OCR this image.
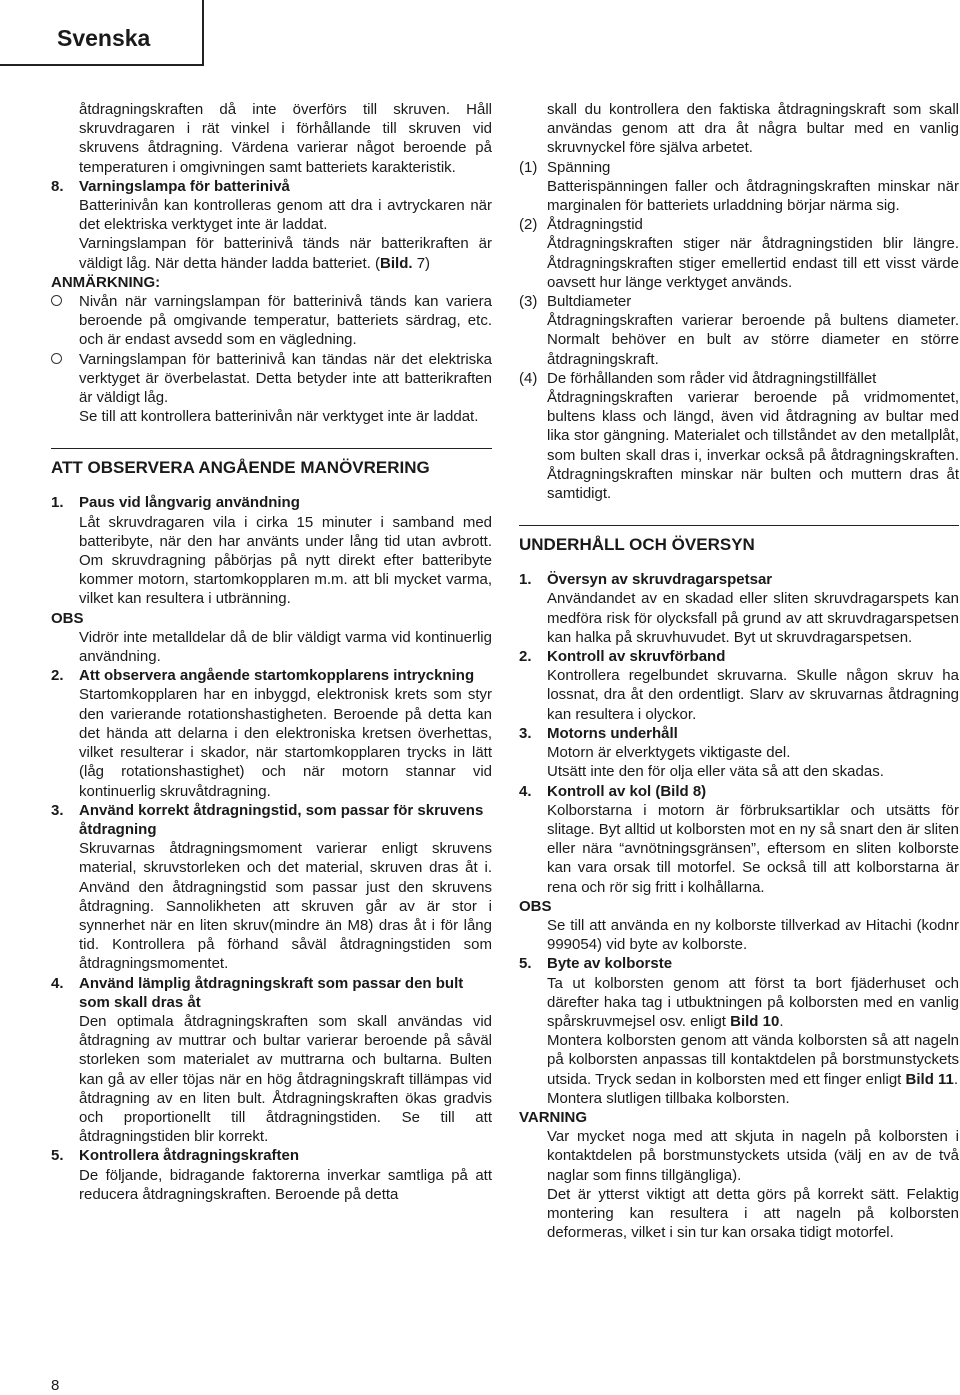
Svenska

åtdragningskraften då inte överförs till skruven. Håll skruvdragaren i rät vinkel i förhållande till skruven vid skruvens åtdragning. Värdena varierar något beroende på temperaturen i omgivningen samt batteriets karakteristik.

8. Varningslampa för batterinivå

Batterinivån kan kontrolleras genom att dra i avtryckaren när det elektriska verktyget inte är laddat.

Varningslampan för batterinivå tänds när batterikraften är väldigt låg. När detta händer ladda batteriet. (Bild. 7)

ANMÄRKNING:

Nivån när varningslampan för batterinivå tänds kan variera beroende på omgivande temperatur, batteriets särdrag, etc. och är endast avsedd som en vägledning.

Varningslampan för batterinivå kan tändas när det elektriska verktyget är överbelastat. Detta betyder inte att batterikraften är väldigt låg.

Se till att kontrollera batterinivån när verktyget inte är laddat.

ATT OBSERVERA ANGÅENDE MANÖVRERING
1. Paus vid långvarig användning

Låt skruvdragaren vila i cirka 15 minuter i samband med batteribyte, när den har använts under lång tid utan avbrott. Om skruvdragning påbörjas på nytt direkt efter batteribyte kommer motorn, startomkopplaren m.m. att bli mycket varma, vilket kan resultera i utbränning.

OBS

Vidrör inte metalldelar då de blir väldigt varma vid kontinuerlig användning.

2. Att observera angående startomkopplarens intryckning

Startomkopplaren har en inbyggd, elektronisk krets som styr den varierande rotationshastigheten. Beroende på detta kan det hända att delarna i den elektroniska kretsen överhettas, vilket resulterar i skador, när startomkopplaren trycks in lätt (låg rotationshastighet) och när motorn stannar vid kontinuerlig skruvåtdragning.

3. Använd korrekt åtdragningstid, som passar för skruvens åtdragning

Skruvarnas åtdragningsmoment varierar enligt skruvens material, skruvstorleken och det material, skruven dras åt i. Använd den åtdragningstid som passar just den skruvens åtdragning. Sannolikheten att skruven går av är stor i synnerhet när en liten skruv(mindre än M8) dras åt i för lång tid. Kontrollera på förhand såväl åtdragningstiden som åtdragningsmomentet.

4. Använd lämplig åtdragningskraft som passar den bult som skall dras åt

Den optimala åtdragningskraften som skall användas vid åtdragning av muttrar och bultar varierar beroende på såväl storleken som materialet av muttrarna och bultarna. Bulten kan gå av eller töjas när en hög åtdragningskraft tillämpas vid åtdragning av en liten bult. Åtdragningskraften ökas gradvis och proportionellt till åtdragningstiden. Se till att åtdragningstiden blir korrekt.

5. Kontrollera åtdragningskraften

De följande, bidragande faktorerna inverkar samtliga på att reducera åtdragningskraften. Beroende på detta

skall du kontrollera den faktiska åtdragningskraft som skall användas genom att dra åt några bultar med en vanlig skruvnyckel före själva arbetet.

(1) Spänning

Batterispänningen faller och åtdragningskraften minskar när marginalen för batteriets urladdning börjar närma sig.

(2) Åtdragningstid

Åtdragningskraften stiger när åtdragningstiden blir längre. Åtdragningskraften stiger emellertid endast till ett visst värde oavsett hur länge verktyget används.

(3) Bultdiameter

Åtdragningskraften varierar beroende på bultens diameter. Normalt behöver en bult av större diameter en större åtdragningskraft.

(4) De förhållanden som råder vid åtdragningstillfället

Åtdragningskraften varierar beroende på vridmomentet, bultens klass och längd, även vid åtdragning av bultar med lika stor gängning. Materialet och tillståndet av den metallplåt, som bulten skall dras i, inverkar också på åtdragningskraften. Åtdragningskraften minskar när bulten och muttern dras åt samtidigt.

UNDERHÅLL OCH ÖVERSYN
1. Översyn av skruvdragarspetsar

Användandet av en skadad eller sliten skruvdragarspets kan medföra risk för olycksfall på grund av att skruvdragarspetsen kan halka på skruvhuvudet. Byt ut skruvdragarspetsen.

2. Kontroll av skruvförband

Kontrollera regelbundet skruvarna. Skulle någon skruv ha lossnat, dra åt den ordentligt. Slarv av skruvarnas åtdragning kan resultera i olyckor.

3. Motorns underhåll

Motorn är elverktygets viktigaste del.

Utsätt inte den för olja eller väta så att den skadas.

4. Kontroll av kol (Bild 8)

Kolborstarna i motorn är förbruksartiklar och utsätts för slitage. Byt alltid ut kolborsten mot en ny så snart den är sliten eller nära “avnötningsgränsen”, eftersom en sliten kolborste kan vara orsak till motorfel. Se också till att kolborstarna är rena och rör sig fritt i kolhållarna.

OBS

Se till att använda en ny kolborste tillverkad av Hitachi (kodnr 999054) vid byte av kolborste.

5. Byte av kolborste

Ta ut kolborsten genom att först ta bort fjäderhuset och därefter haka tag i utbuktningen på kolborsten med en vanlig spårskruvmejsel osv. enligt Bild 10.

Montera kolborsten genom att vända kolborsten så att nageln på kolborsten anpassas till kontaktdelen på borstmunstyckets utsida. Tryck sedan in kolborsten med ett finger enligt Bild 11.

Montera slutligen tillbaka kolborsten.

VARNING

Var mycket noga med att skjuta in nageln på kolborsten i kontaktdelen på borstmunstyckets utsida (välj en av de två naglar som finns tillgängliga).

Det är ytterst viktigt att detta görs på korrekt sätt. Felaktig montering kan resultera i att nageln på kolborsten deformeras, vilket i sin tur kan orsaka tidigt motorfel.

8
